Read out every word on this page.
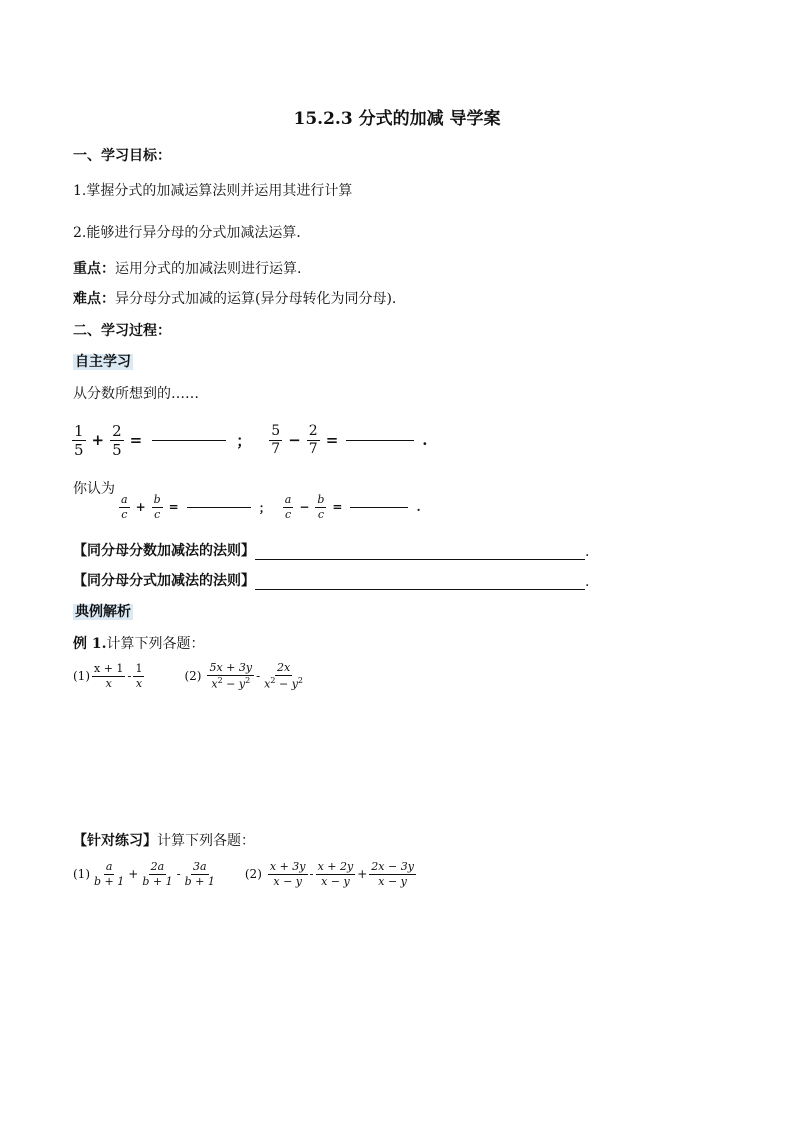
15.2.3 分式的加减 导学案
一、学习目标：
1.掌握分式的加减运算法则并运用其进行计算
2.能够进行异分母的分式加减法运算．
重点：运用分式的加减法则进行运算.
难点：异分母分式加减的运算(异分母转化为同分母).
二、学习过程：
自主学习
从分数所想到的……
$\frac{1}{5} + \frac{2}{5}$ =	； $\frac{5}{7} - \frac{2}{7}$ =	.
你认为
$\frac{a}{c} + \frac{b}{c}$ =	； $\frac{a}{c} - \frac{b}{c}$ =	.
【同分母分数加减法的法则】	.
【同分母分式加减法的法则】	.
典例解析
例 1.计算下列各题：
$(1) \frac{x + 1}{x} - \frac{1}{x}$	$(2) \frac{5x + 3y}{x^2 - y^2} - \frac{2x}{x^2 - y^2}$
【针对练习】计算下列各题：
$(1) \frac{a}{b + 1} + \frac{2a}{b + 1} - \frac{3a}{b + 1} (2) \frac{x + 3y}{x - y} - \frac{x + 2y}{x - y} + \frac{2x - 3y}{x - y}$
